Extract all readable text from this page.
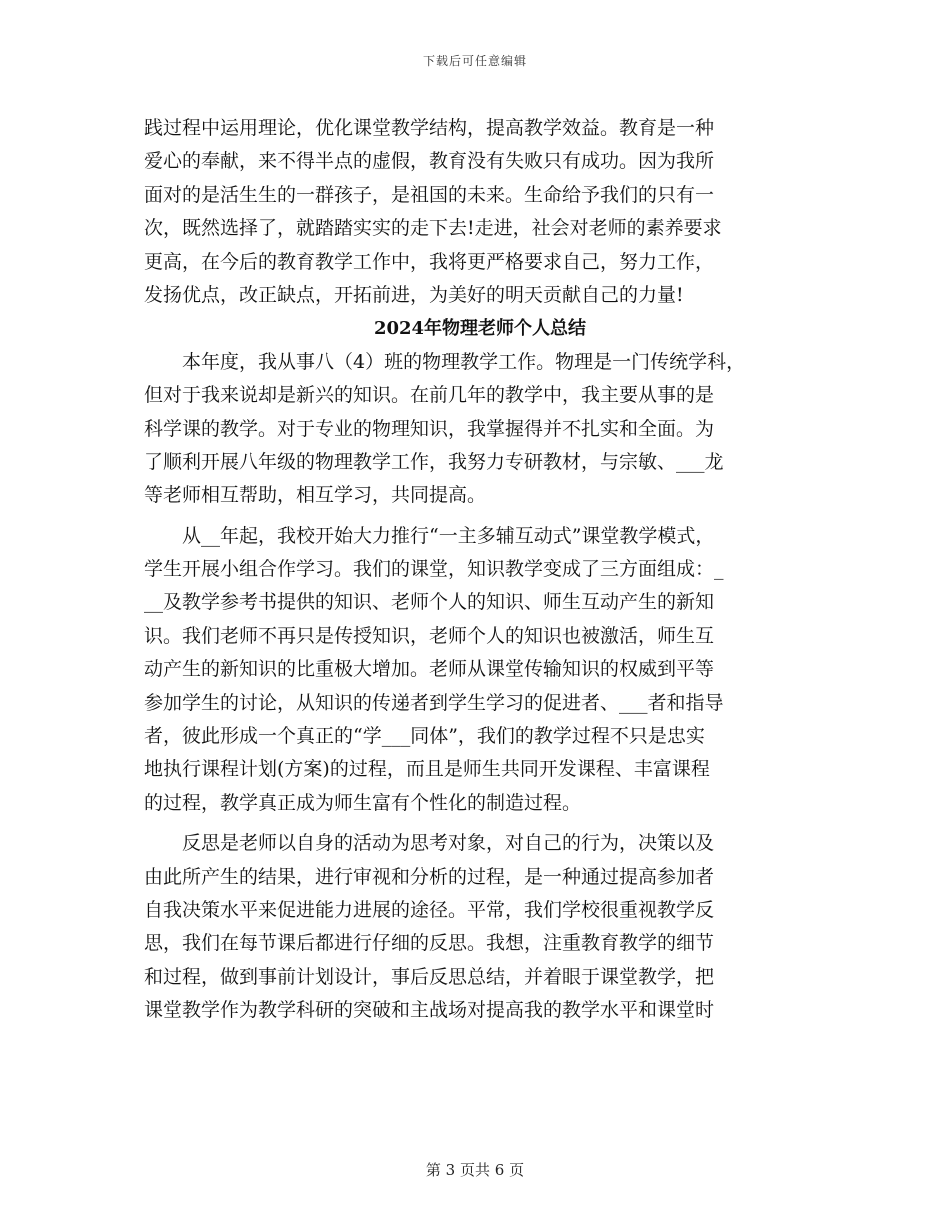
下载后可任意编辑
践过程中运用理论，优化课堂教学结构，提高教学效益。教育是一种
爱心的奉献，来不得半点的虚假，教育没有失败只有成功。因为我所
面对的是活生生的一群孩子，是祖国的未来。生命给予我们的只有一
次，既然选择了，就踏踏实实的走下去!走进，社会对老师的素养要求
更高，在今后的教育教学工作中，我将更严格要求自己，努力工作，
发扬优点，改正缺点，开拓前进，为美好的明天贡献自己的力量!
2024年物理老师个人总结
本年度，我从事八（4）班的物理教学工作。物理是一门传统学科，
但对于我来说却是新兴的知识。在前几年的教学中，我主要从事的是
科学课的教学。对于专业的物理知识，我掌握得并不扎实和全面。为
了顺利开展八年级的物理教学工作，我努力专研教材，与宗敏、___龙
等老师相互帮助，相互学习，共同提高。
从__年起，我校开始大力推行“一主多辅互动式”课堂教学模式，
学生开展小组合作学习。我们的课堂，知识教学变成了三方面组成：_
__及教学参考书提供的知识、老师个人的知识、师生互动产生的新知
识。我们老师不再只是传授知识，老师个人的知识也被激活，师生互
动产生的新知识的比重极大增加。老师从课堂传输知识的权威到平等
参加学生的讨论，从知识的传递者到学生学习的促进者、___者和指导
者，彼此形成一个真正的“学___同体”，我们的教学过程不只是忠实
地执行课程计划(方案)的过程，而且是师生共同开发课程、丰富课程
的过程，教学真正成为师生富有个性化的制造过程。
反思是老师以自身的活动为思考对象，对自己的行为，决策以及
由此所产生的结果，进行审视和分析的过程，是一种通过提高参加者
自我决策水平来促进能力进展的途径。平常，我们学校很重视教学反
思，我们在每节课后都进行仔细的反思。我想，注重教育教学的细节
和过程，做到事前计划设计，事后反思总结，并着眼于课堂教学，把
课堂教学作为教学科研的突破和主战场对提高我的教学水平和课堂时
第 3 页共 6 页
